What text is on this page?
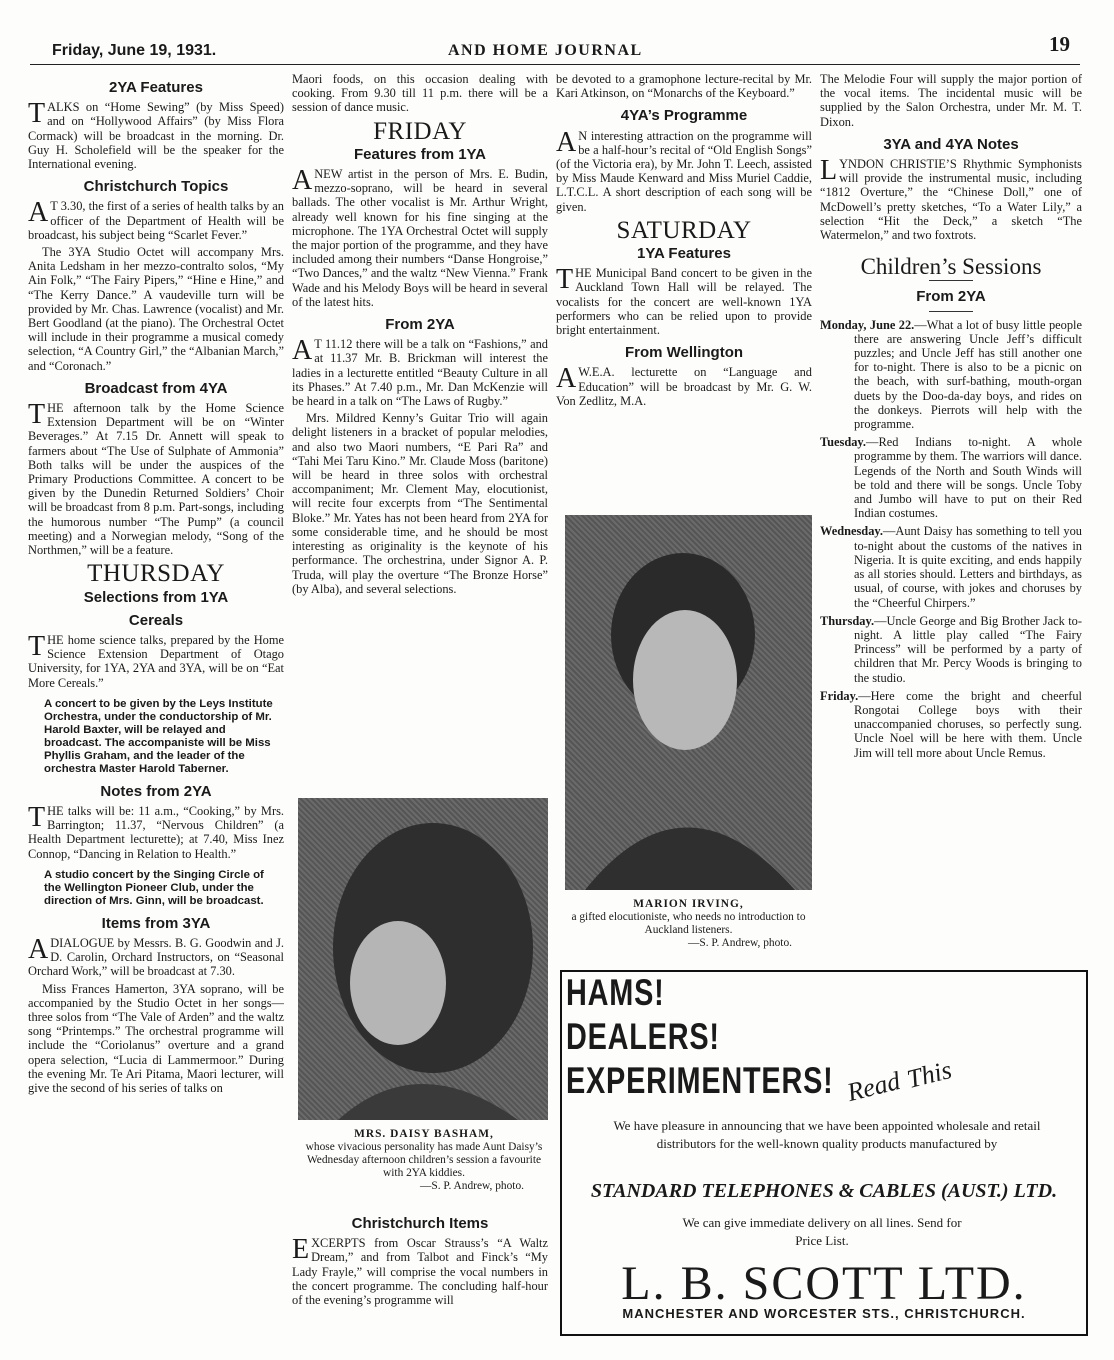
Friday, June 19, 1931.	AND HOME JOURNAL	19
2YA Features

TALKS on “Home Sewing” (by Miss Speed) and on “Hollywood Affairs” (by Miss Flora Cormack) will be broadcast in the morning. Dr. Guy H. Scholefield will be the speaker for the International evening.

Christchurch Topics

A T 3.30, the first of a series of health talks by an officer of the Department of Health will be broadcast, his subject being “Scarlet Fever.”

The 3YA Studio Octet will accompany Mrs. Anita Ledsham in her mezzo-contralto solos, “My Ain Folk,” “The Fairy Pipers,” “Hine e Hine,” and “The Kerry Dance.” A vaudeville turn will be provided by Mr. Chas. Lawrence (vocalist) and Mr. Bert Goodland (at the piano). The Orchestral Octet will include in their programme a musical comedy selection, “A Country Girl,” the “Albanian March,” and “Coronach.”

Broadcast from 4YA

THE afternoon talk by the Home Science Extension Department will be on “Winter Beverages.” At 7.15 Dr. Annett will speak to farmers about “The Use of Sulphate of Ammonia” Both talks will be under the auspices of the Primary Productions Committee. A concert to be given by the Dunedin Returned Soldiers’ Choir will be broadcast from 8 p.m. Part-songs, including the humorous number “The Pump” (a council meeting) and a Norwegian melody, “Song of the Northmen,” will be a feature.

THURSDAY
Selections from 1YA
Cereals

THE home science talks, prepared by the Home Science Extension Department of Otago University, for 1YA, 2YA and 3YA, will be on “Eat More Cereals.”

A concert to be given by the Leys Institute Orchestra, under the conductorship of Mr. Harold Baxter, will be relayed and broadcast. The accompaniste will be Miss Phyllis Graham, and the leader of the orchestra Master Harold Taberner.

Notes from 2YA

THE talks will be: 11 a.m., “Cooking,” by Mrs. Barrington; 11.37, “Nervous Children” (a Health Department lecturette); at 7.40, Miss Inez Connop, “Dancing in Relation to Health.”

A studio concert by the Singing Circle of the Wellington Pioneer Club, under the direction of Mrs. Ginn, will be broadcast.

Items from 3YA

A DIALOGUE by Messrs. B. G. Goodwin and J. D. Carolin, Orchard Instructors, on “Seasonal Orchard Work,” will be broadcast at 7.30.

Miss Frances Hamerton, 3YA soprano, will be accompanied by the Studio Octet in her songs—three solos from “The Vale of Arden” and the waltz song “Printemps.” The orchestral programme will include the “Coriolanus” overture and a grand opera selection, “Lucia di Lammermoor.” During the evening Mr. Te Ari Pitama, Maori lecturer, will give the second of his series of talks on

Maori foods, on this occasion dealing with cooking. From 9.30 till 11 p.m. there will be a session of dance music.

FRIDAY
Features from 1YA

A NEW artist in the person of Mrs. E. Budin, mezzo-soprano, will be heard in several ballads. The other vocalist is Mr. Arthur Wright, already well known for his fine singing at the microphone. The 1YA Orchestral Octet will supply the major portion of the programme, and they have included among their numbers “Danse Hongroise,” “Two Dances,” and the waltz “New Vienna.” Frank Wade and his Melody Boys will be heard in several of the latest hits.

From 2YA

A T 11.12 there will be a talk on “Fashions,” and at 11.37 Mr. B. Brickman will interest the ladies in a lecturette entitled “Beauty Culture in all its Phases.” At 7.40 p.m., Mr. Dan McKenzie will be heard in a talk on “The Laws of Rugby.”

Mrs. Mildred Kenny’s Guitar Trio will again delight listeners in a bracket of popular melodies, and also two Maori numbers, “E Pari Ra” and “Tahi Mei Taru Kino.” Mr. Claude Moss (baritone) will be heard in three solos with orchestral accompaniment; Mr. Clement May, elocutionist, will recite four excerpts from “The Sentimental Bloke.” Mr. Yates has not been heard from 2YA for some considerable time, and he should be most interesting as originality is the keynote of his performance. The orchestrina, under Signor A. P. Truda, will play the overture “The Bronze Horse” (by Alba), and several selections.

MRS. DAISY BASHAM,
whose vivacious personality has made Aunt Daisy’s Wednesday afternoon children’s session a favourite with 2YA kiddies.
—S. P. Andrew, photo.
Christchurch Items

EXCERPTS from Oscar Strauss’s “A Waltz Dream,” and from Talbot and Finck’s “My Lady Frayle,” will comprise the vocal numbers in the concert programme. The concluding half-hour of the evening’s programme will

be devoted to a gramophone lecture-recital by Mr. Kari Atkinson, on “Monarchs of the Keyboard.”

4YA’s Programme

A N interesting attraction on the programme will be a half-hour’s recital of “Old English Songs” (of the Victoria era), by Mr. John T. Leech, assisted by Miss Maude Kenward and Miss Muriel Caddie, L.T.C.L. A short description of each song will be given.

SATURDAY
1YA Features

THE Municipal Band concert to be given in the Auckland Town Hall will be relayed. The vocalists for the concert are well-known 1YA performers who can be relied upon to provide bright entertainment.

From Wellington

A W.E.A. lecturette on “Language and Education” will be broadcast by Mr. G. W. Von Zedlitz, M.A.

MARION IRVING,
a gifted elocutioniste, who needs no introduction to Auckland listeners.
—S. P. Andrew, photo.

The Melodie Four will supply the major portion of the vocal items. The incidental music will be supplied by the Salon Orchestra, under Mr. M. T. Dixon.

3YA and 4YA Notes

LYNDON CHRISTIE’S Rhythmic Symphonists will provide the instrumental music, including “1812 Overture,” the “Chinese Doll,” one of McDowell’s pretty sketches, “To a Water Lily,” a selection “Hit the Deck,” a sketch “The Watermelon,” and two foxtrots.

Children’s Sessions
From 2YA

Monday, June 22.—What a lot of busy little people there are answering Uncle Jeff’s difficult puzzles; and Uncle Jeff has still another one for to-night. There is also to be a picnic on the beach, with surf-bathing, mouth-organ duets by the Doo-da-day boys, and rides on the donkeys. Pierrots will help with the programme.

Tuesday.—Red Indians to-night. A whole programme by them. The warriors will dance. Legends of the North and South Winds will be told and there will be songs. Uncle Toby and Jumbo will have to put on their Red Indian costumes.

Wednesday.—Aunt Daisy has something to tell you to-night about the customs of the natives in Nigeria. It is quite exciting, and ends happily as all stories should. Letters and birthdays, as usual, of course, with jokes and choruses by the “Cheerful Chirpers.”

Thursday.—Uncle George and Big Brother Jack to-night. A little play called “The Fairy Princess” will be performed by a party of children that Mr. Percy Woods is bringing to the studio.

Friday.—Here come the bright and cheerful Rongotai College boys with their unaccompanied choruses, so perfectly sung. Uncle Noel will be here with them. Uncle Jim will tell more about Uncle Remus.

HAMS!
DEALERS!
EXPERIMENTERS! Read This
We have pleasure in announcing that we have been appointed wholesale and retail distributors for the well-known quality products manufactured by
STANDARD TELEPHONES & CABLES (AUST.) LTD.
We can give immediate delivery on all lines. Send for Price List.
L. B. SCOTT LTD.
MANCHESTER AND WORCESTER STS., CHRISTCHURCH.
